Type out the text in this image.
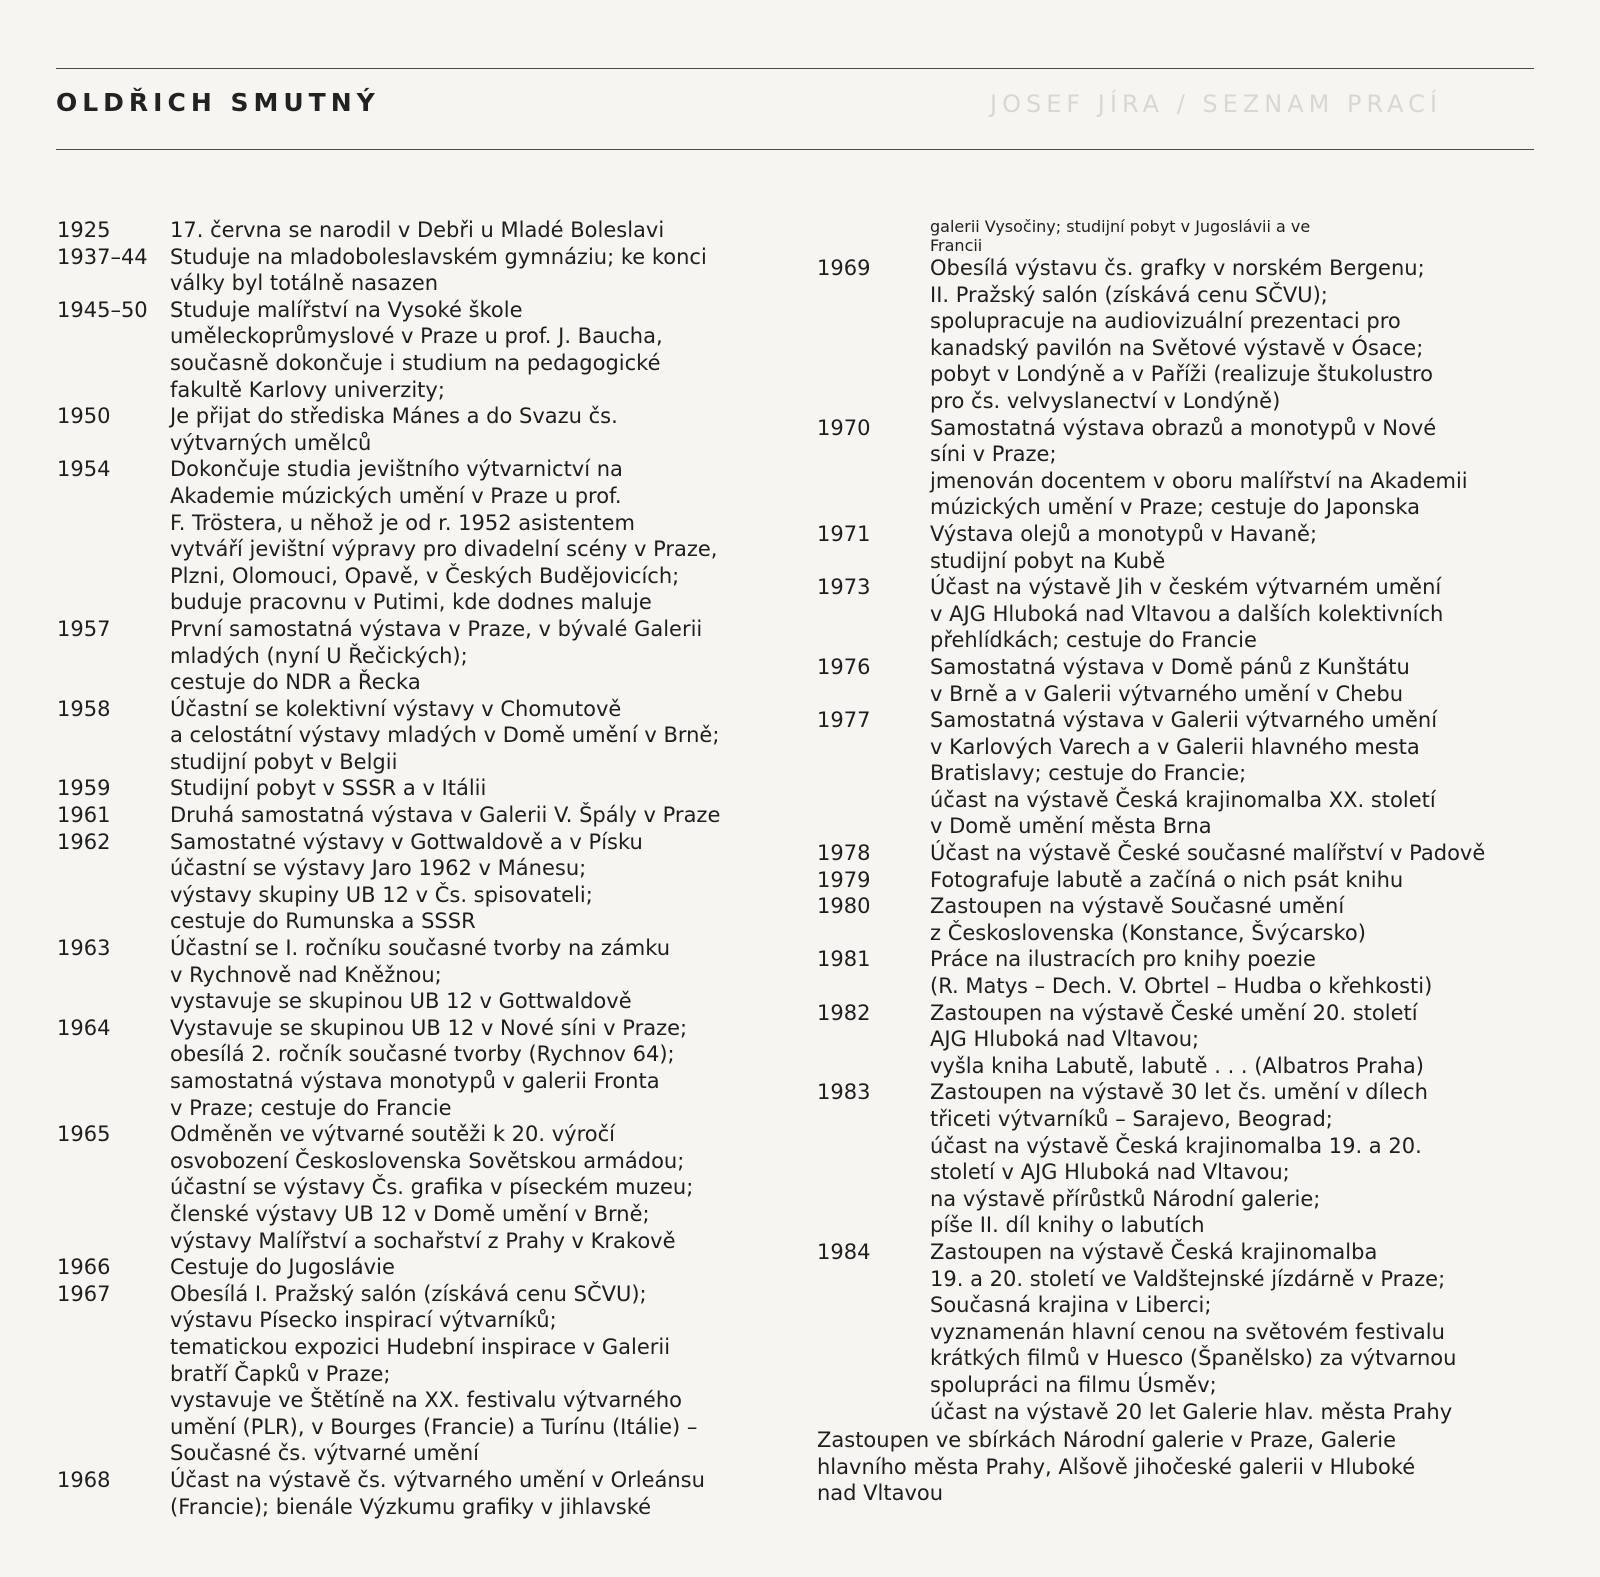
OLDŘICH SMUTNÝ	JOSEF JÍRA / SEZNAM PRACÍ
1925	17. června se narodil v Debři u Mladé Boleslavi
1937–44	Studuje na mladoboleslavském gymnáziu; ke konci
války byl totálně nasazen
1945–50	Studuje malířství na Vysoké škole
uměleckoprůmyslové v Praze u prof. J. Baucha,
současně dokončuje i studium na pedagogické
fakultě Karlovy univerzity;
1950	Je přijat do střediska Mánes a do Svazu čs.
výtvarných umělců
1954	Dokončuje studia jevištního výtvarnictví na
Akademie múzických umění v Praze u prof.
F. Tröstera, u něhož je od r. 1952 asistentem
vytváří jevištní výpravy pro divadelní scény v Praze,
Plzni, Olomouci, Opavě, v Českých Budějovicích;
buduje pracovnu v Putimi, kde dodnes maluje
1957	První samostatná výstava v Praze, v bývalé Galerii
mladých (nyní U Řečických);
cestuje do NDR a Řecka
1958	Účastní se kolektivní výstavy v Chomutově
a celostátní výstavy mladých v Domě umění v Brně;
studijní pobyt v Belgii
1959	Studijní pobyt v SSSR a v Itálii
1961	Druhá samostatná výstava v Galerii V. Špály v Praze
1962	Samostatné výstavy v Gottwaldově a v Písku
účastní se výstavy Jaro 1962 v Mánesu;
výstavy skupiny UB 12 v Čs. spisovateli;
cestuje do Rumunska a SSSR
1963	Účastní se I. ročníku současné tvorby na zámku
v Rychnově nad Kněžnou;
vystavuje se skupinou UB 12 v Gottwaldově
1964	Vystavuje se skupinou UB 12 v Nové síni v Praze;
obesílá 2. ročník současné tvorby (Rychnov 64);
samostatná výstava monotypů v galerii Fronta
v Praze; cestuje do Francie
1965	Odměněn ve výtvarné soutěži k 20. výročí
osvobození Československa Sovětskou armádou;
účastní se výstavy Čs. grafika v píseckém muzeu;
členské výstavy UB 12 v Domě umění v Brně;
výstavy Malířství a sochařství z Prahy v Krakově
1966	Cestuje do Jugoslávie
1967	Obesílá I. Pražský salón (získává cenu SČVU);
výstavu Písecko inspirací výtvarníků;
tematickou expozici Hudební inspirace v Galerii
bratří Čapků v Praze;
vystavuje ve Štětíně na XX. festivalu výtvarného
umění (PLR), v Bourges (Francie) a Turínu (Itálie) –
Současné čs. výtvarné umění
1968	Účast na výstavě čs. výtvarného umění v Orleánsu
(Francie); bienále Výzkumu grafiky v jihlavské
galerii Vysočiny; studijní pobyt v Jugoslávii a ve
Francii
1969	Obesílá výstavu čs. grafky v norském Bergenu;
II. Pražský salón (získává cenu SČVU);
spolupracuje na audiovizuální prezentaci pro
kanadský pavilón na Světové výstavě v Ósace;
pobyt v Londýně a v Paříži (realizuje štukolustro
pro čs. velvyslanectví v Londýně)
1970	Samostatná výstava obrazů a monotypů v Nové
síni v Praze;
jmenován docentem v oboru malířství na Akademii
múzických umění v Praze; cestuje do Japonska
1971	Výstava olejů a monotypů v Havaně;
studijní pobyt na Kubě
1973	Účast na výstavě Jih v českém výtvarném umění
v AJG Hluboká nad Vltavou a dalších kolektivních
přehlídkách; cestuje do Francie
1976	Samostatná výstava v Domě pánů z Kunštátu
v Brně a v Galerii výtvarného umění v Chebu
1977	Samostatná výstava v Galerii výtvarného umění
v Karlových Varech a v Galerii hlavného mesta
Bratislavy; cestuje do Francie;
účast na výstavě Česká krajinomalba XX. století
v Domě umění města Brna
1978	Účast na výstavě České současné malířství v Padově
1979	Fotografuje labutě a začíná o nich psát knihu
1980	Zastoupen na výstavě Současné umění
z Československa (Konstance, Švýcarsko)
1981	Práce na ilustracích pro knihy poezie
(R. Matys – Dech. V. Obrtel – Hudba o křehkosti)
1982	Zastoupen na výstavě České umění 20. století
AJG Hluboká nad Vltavou;
vyšla kniha Labutě, labutě . . . (Albatros Praha)
1983	Zastoupen na výstavě 30 let čs. umění v dílech
třiceti výtvarníků – Sarajevo, Beograd;
účast na výstavě Česká krajinomalba 19. a 20.
století v AJG Hluboká nad Vltavou;
na výstavě přírůstků Národní galerie;
píše II. díl knihy o labutích
1984	Zastoupen na výstavě Česká krajinomalba
19. a 20. století ve Valdštejnské jízdárně v Praze;
Současná krajina v Liberci;
vyznamenán hlavní cenou na světovém festivalu
krátkých filmů v Huesco (Španělsko) za výtvarnou
spolupráci na filmu Úsměv;
účast na výstavě 20 let Galerie hlav. města Prahy
Zastoupen ve sbírkách Národní galerie v Praze, Galerie
hlavního města Prahy, Alšově jihočeské galerii v Hluboké
nad Vltavou
